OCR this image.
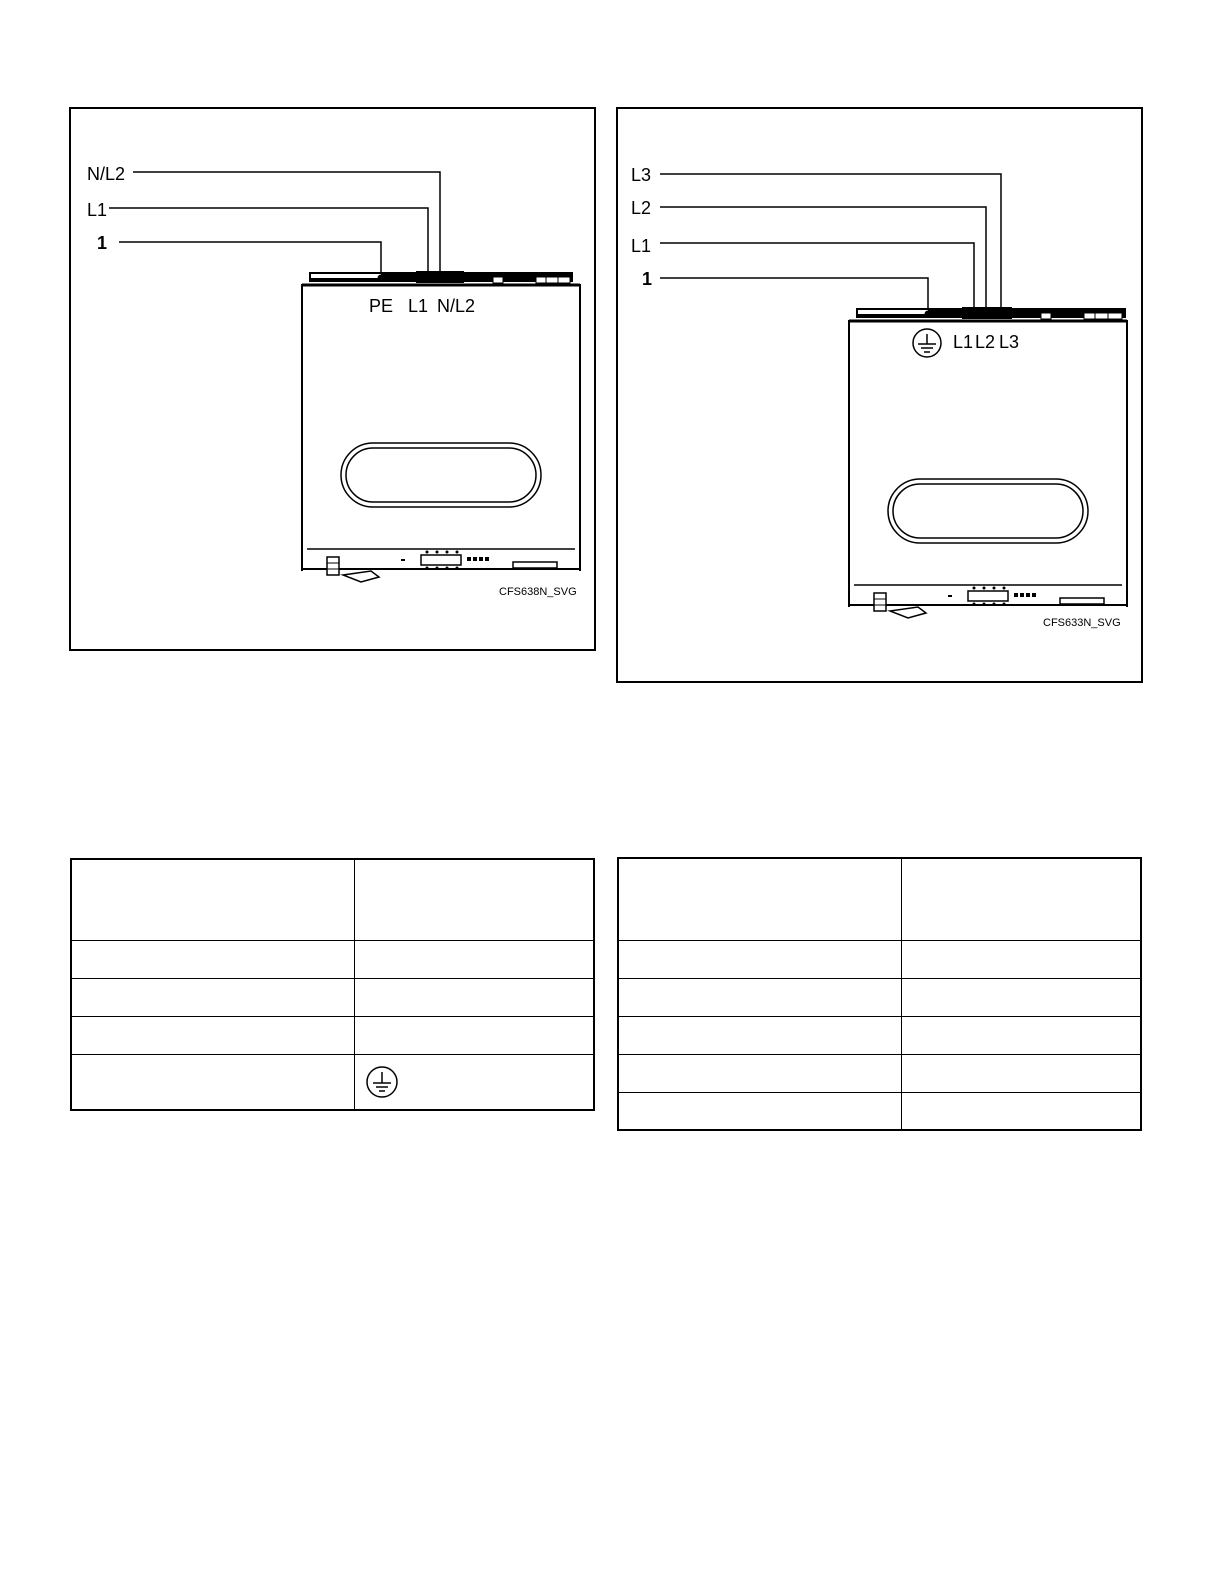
N/L2
L1
1
PE L1 N/L2
CFS638N_SVG
L3
L2
L1
1
L1 L2 L3
CFS633N_SVG
